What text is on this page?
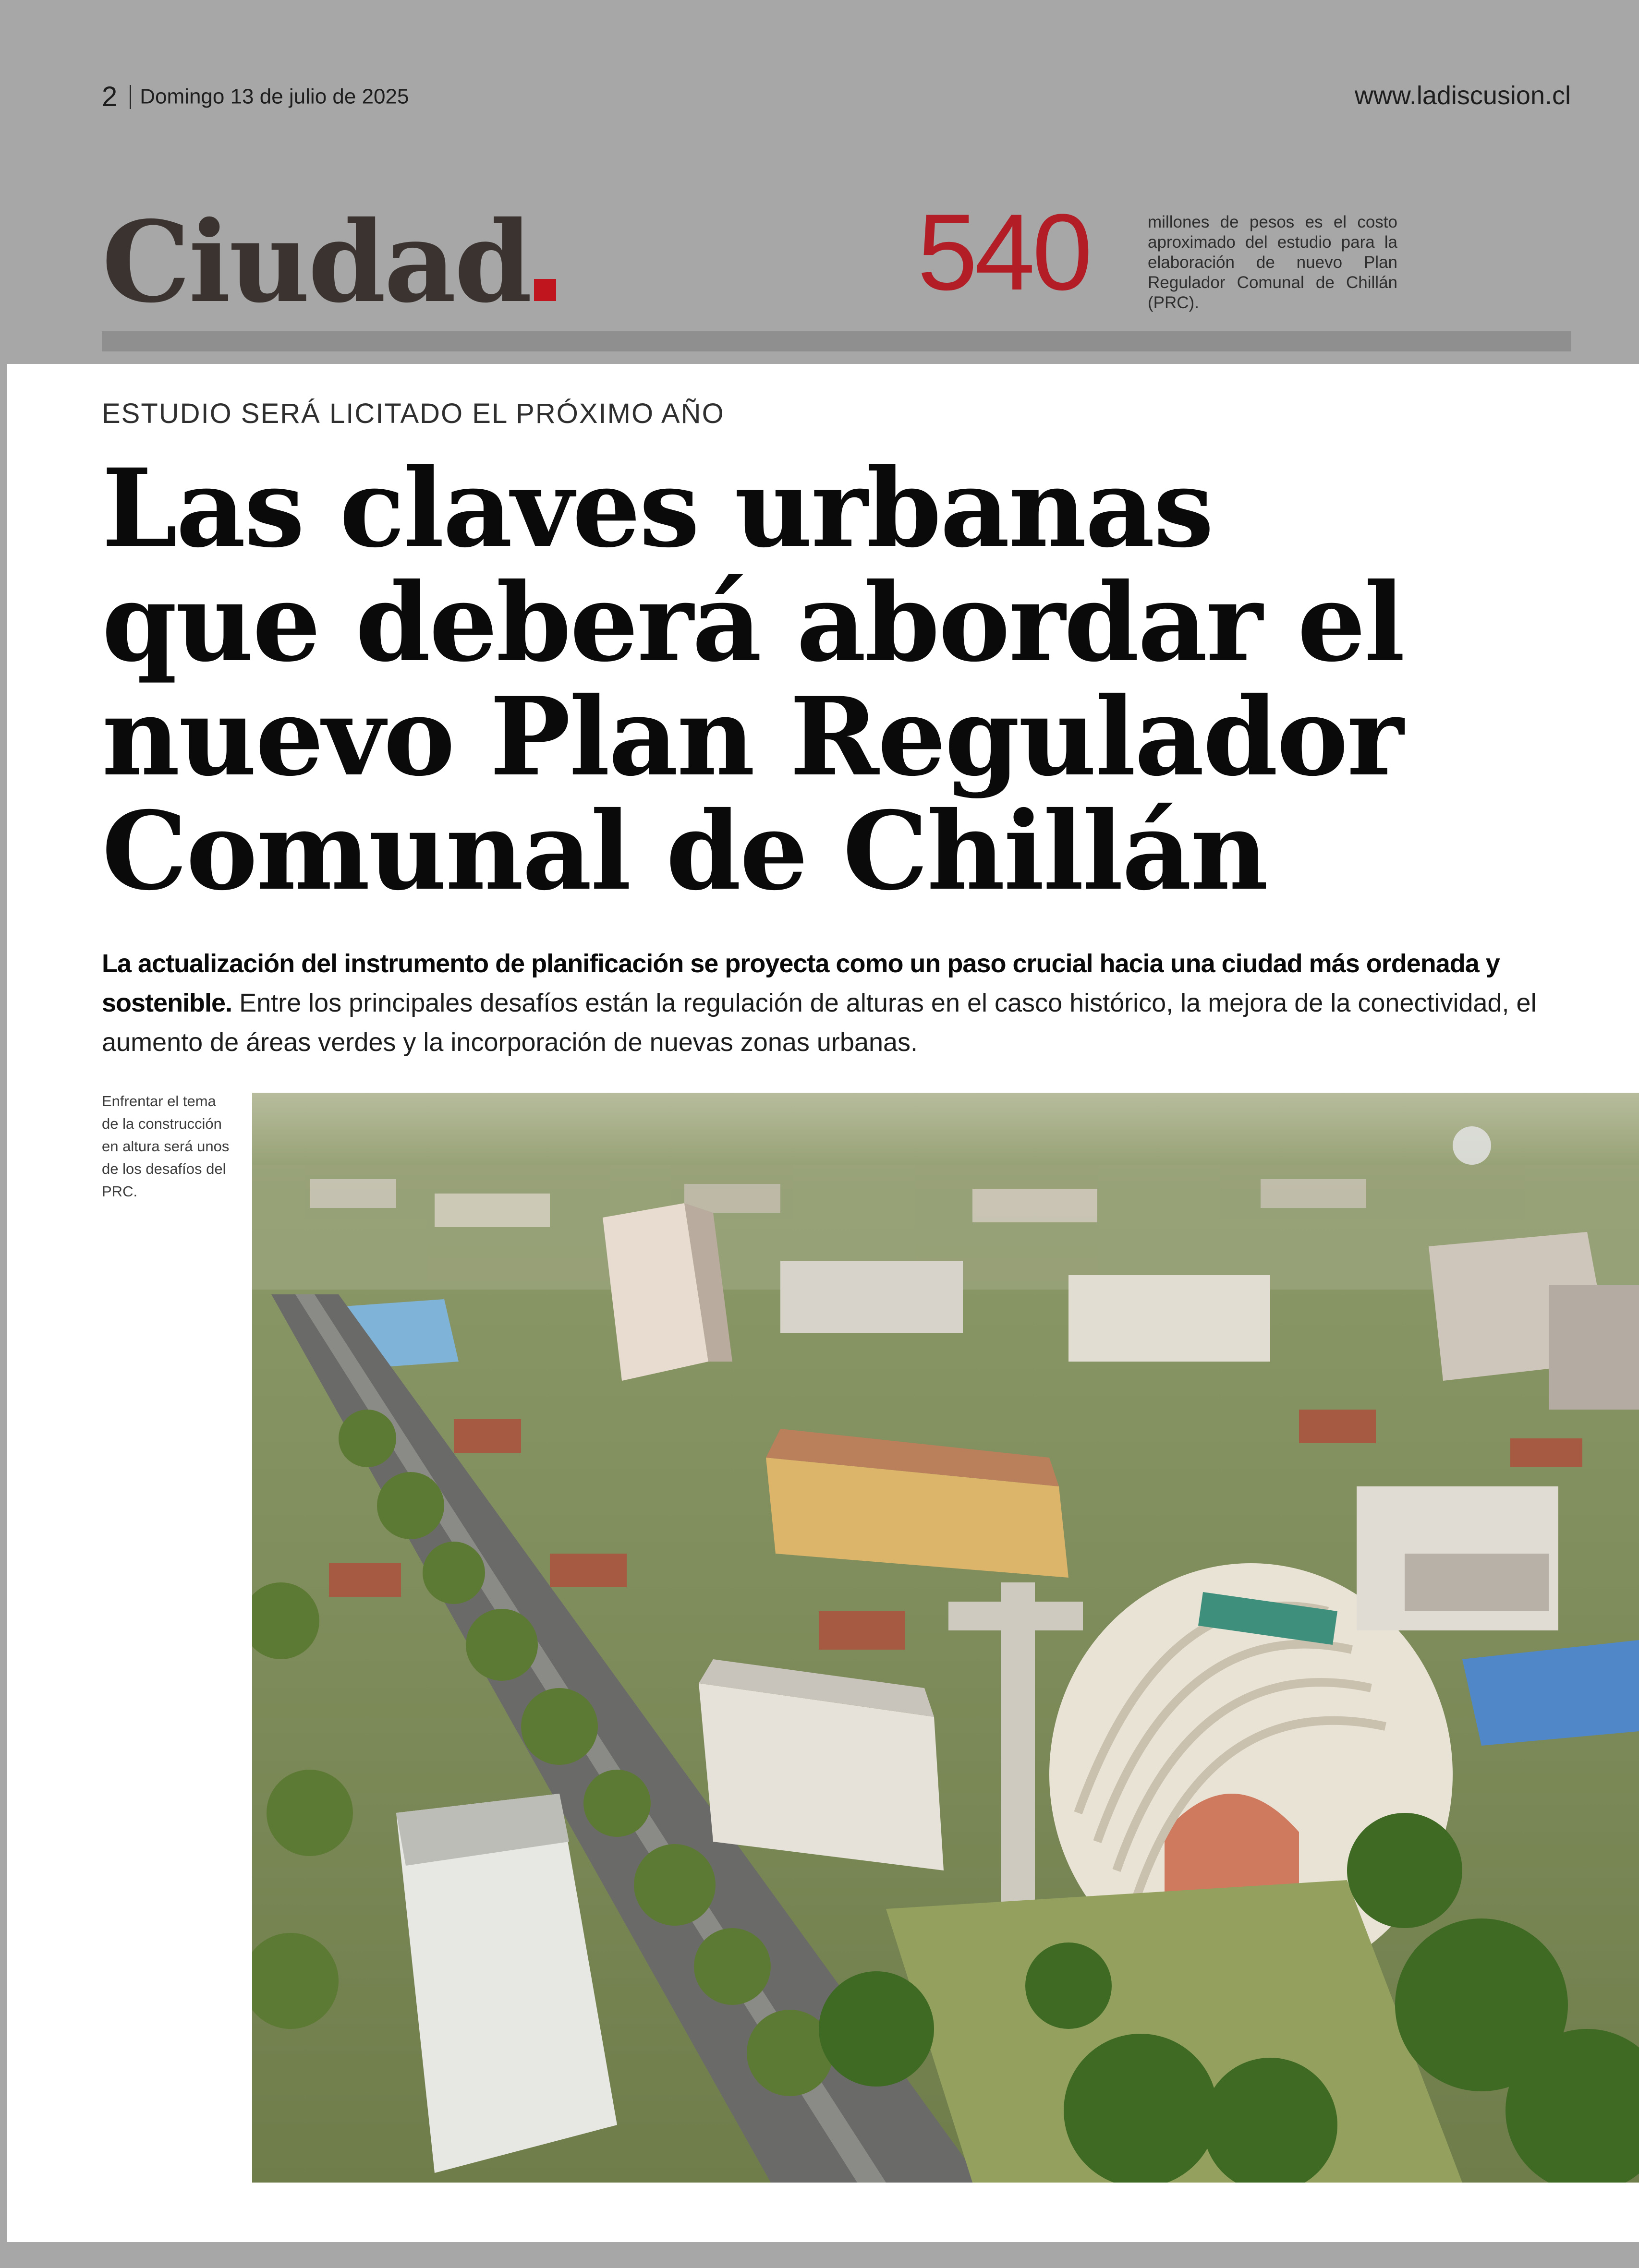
2 Domingo 13 de julio de 2025	www.ladiscusion.cl
Ciudad	540	millones de pesos es el costo aproximado del estudio para la elaboración de nuevo Plan Regulador Comunal de Chillán (PRC).
ESTUDIO SERÁ LICITADO EL PRÓXIMO AÑO
Las claves urbanas
que deberá abordar el
nuevo Plan Regulador
Comunal de Chillán

La actualización del instrumento de planificación se proyecta como un paso crucial hacia una ciudad más ordenada y sostenible. Entre los principales desafíos están la regulación de alturas en el casco histórico, la mejora de la conectividad, el aumento de áreas verdes y la incorporación de nuevas zonas urbanas.

Enfrentar el tema de la construcción en altura será unos de los desafíos del PRC.
